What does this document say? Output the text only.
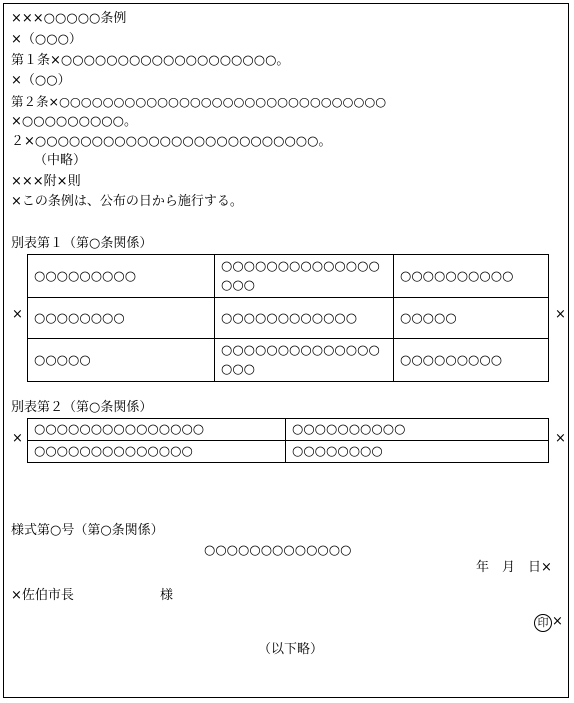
×××○○○○○条例
×（○○○）
第１条×○○○○○○○○○○○○○○○○○○○。
×（○○）
第２条×○○○○○○○○○○○○○○○○○○○○○○○○○○○○○○
×○○○○○○○○○。
２×○○○○○○○○○○○○○○○○○○○○○○○○○。
（中略）
×××附×則
×この条例は、公布の日から施行する。
別表第１（第○条関係）
×	×
○○○○○○○○○	○○○○○○○○○○○○○○○○○	○○○○○○○○○○
○○○○○○○○	○○○○○○○○○○○○	○○○○○
○○○○○	○○○○○○○○○○○○○○○○○	○○○○○○○○○
別表第２（第○条関係）
×	×
○○○○○○○○○○○○○○○	○○○○○○○○○○
○○○○○○○○○○○○○○	○○○○○○○○
様式第○号（第○条関係）
○○○○○○○○○○○○○
年　月　日×
×佐伯市長	様
印 ×
（以下略）
